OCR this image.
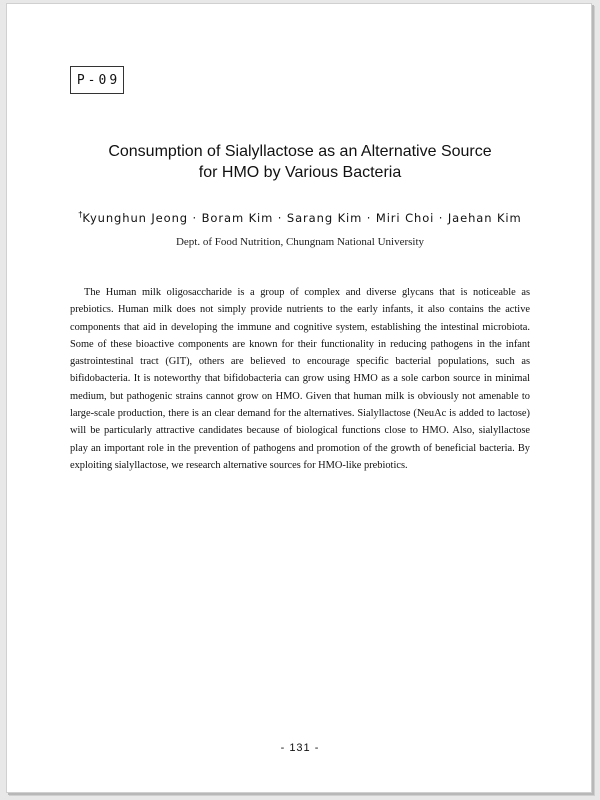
P-09
Consumption of Sialyllactose as an Alternative Source
for HMO by Various Bacteria
†Kyunghun Jeong · Boram Kim · Sarang Kim · Miri Choi · Jaehan Kim
Dept. of Food Nutrition, Chungnam National University

The Human milk oligosaccharide is a group of complex and diverse glycans that is noticeable as prebiotics. Human milk does not simply provide nutrients to the early infants, it also contains the active components that aid in developing the immune and cognitive system, establishing the intestinal microbiota. Some of these bioactive components are known for their functionality in reducing pathogens in the infant gastrointestinal tract (GIT), others are believed to encourage specific bacterial populations, such as bifidobacteria. It is noteworthy that bifidobacteria can grow using HMO as a sole carbon source in minimal medium, but pathogenic strains cannot grow on HMO. Given that human milk is obviously not amenable to large-scale production, there is an clear demand for the alternatives. Sialyllactose (NeuAc is added to lactose) will be particularly attractive candidates because of biological functions close to HMO. Also, sialyllactose play an important role in the prevention of pathogens and promotion of the growth of beneficial bacteria. By exploiting sialyllactose, we research alternative sources for HMO-like prebiotics.

- 131 -
